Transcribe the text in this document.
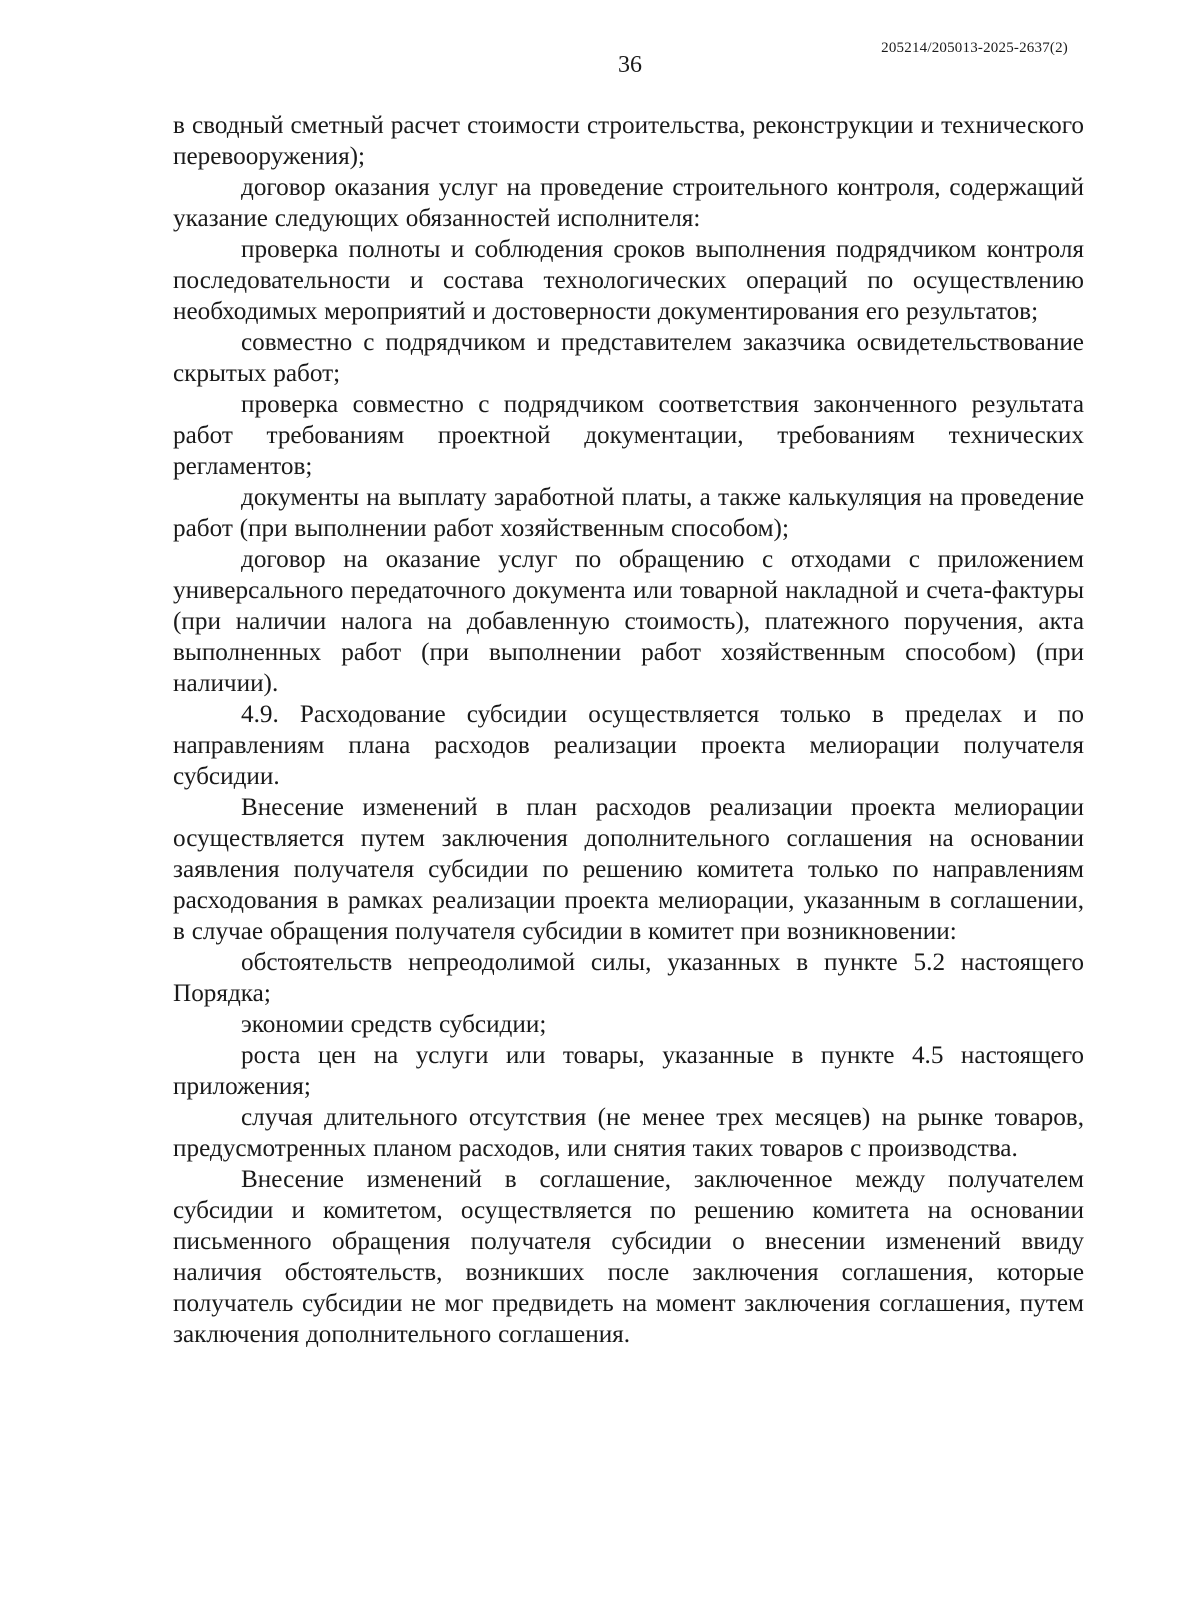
205214/205013-2025-2637(2)
36

в сводный сметный расчет стоимости строительства, реконструкции и технического перевооружения);

договор оказания услуг на проведение строительного контроля, содержащий указание следующих обязанностей исполнителя:

проверка полноты и соблюдения сроков выполнения подрядчиком контроля последовательности и состава технологических операций по осуществлению необходимых мероприятий и достоверности документирования его результатов;

совместно с подрядчиком и представителем заказчика освидетельствование скрытых работ;

проверка совместно с подрядчиком соответствия законченного результата работ требованиям проектной документации, требованиям технических регламентов;

документы на выплату заработной платы, а также калькуляция на проведение работ (при выполнении работ хозяйственным способом);

договор на оказание услуг по обращению с отходами с приложением универсального передаточного документа или товарной накладной и счета-фактуры (при наличии налога на добавленную стоимость), платежного поручения, акта выполненных работ (при выполнении работ хозяйственным способом) (при наличии).

4.9. Расходование субсидии осуществляется только в пределах и по направлениям плана расходов реализации проекта мелиорации получателя субсидии.

Внесение изменений в план расходов реализации проекта мелиорации осуществляется путем заключения дополнительного соглашения на основании заявления получателя субсидии по решению комитета только по направлениям расходования в рамках реализации проекта мелиорации, указанным в соглашении, в случае обращения получателя субсидии в комитет при возникновении:

обстоятельств непреодолимой силы, указанных в пункте 5.2 настоящего Порядка;

экономии средств субсидии;

роста цен на услуги или товары, указанные в пункте 4.5 настоящего приложения;

случая длительного отсутствия (не менее трех месяцев) на рынке товаров, предусмотренных планом расходов, или снятия таких товаров с производства.

Внесение изменений в соглашение, заключенное между получателем субсидии и комитетом, осуществляется по решению комитета на основании письменного обращения получателя субсидии о внесении изменений ввиду наличия обстоятельств, возникших после заключения соглашения, которые получатель субсидии не мог предвидеть на момент заключения соглашения, путем заключения дополнительного соглашения.
